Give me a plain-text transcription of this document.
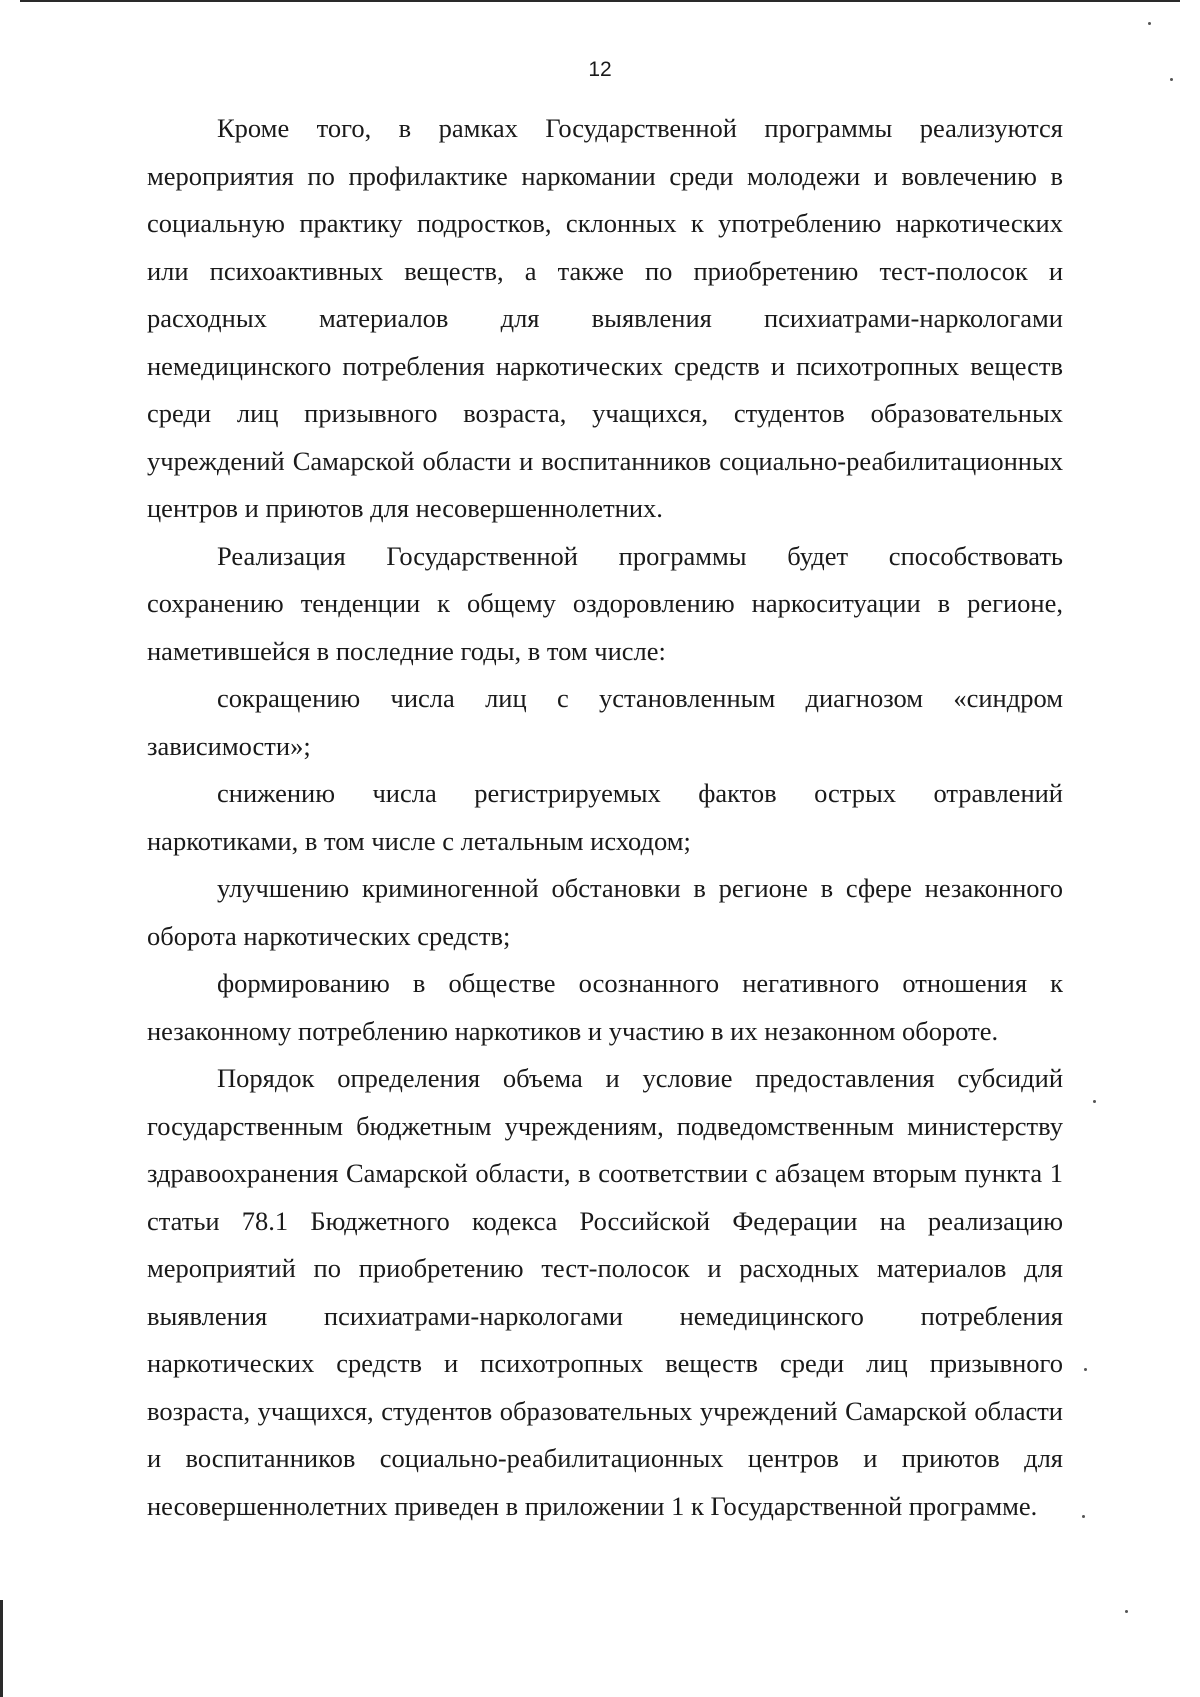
12

Кроме того, в рамках Государственной программы реализуются мероприятия по профилактике наркомании среди молодежи и вовлечению в социальную практику подростков, склонных к употреблению наркотических или психоактивных веществ, а также по приобретению тест-полосок и расходных материалов для выявления психиатрами-наркологами немедицинского потребления наркотических средств и психотропных веществ среди лиц призывного возраста, учащихся, студентов образовательных учреждений Самарской области и воспитанников социально-реабилитационных центров и приютов для несовершеннолетних.

Реализация Государственной программы будет способствовать сохранению тенденции к общему оздоровлению наркоситуации в регионе, наметившейся в последние годы, в том числе:

сокращению числа лиц с установленным диагнозом «синдром зависимости»;

снижению числа регистрируемых фактов острых отравлений наркотиками, в том числе с летальным исходом;

улучшению криминогенной обстановки в регионе в сфере незаконного оборота наркотических средств;

формированию в обществе осознанного негативного отношения к незаконному потреблению наркотиков и участию в их незаконном обороте.

Порядок определения объема и условие предоставления субсидий государственным бюджетным учреждениям, подведомственным министерству здравоохранения Самарской области, в соответствии с абзацем вторым пункта 1 статьи 78.1 Бюджетного кодекса Российской Федерации на реализацию мероприятий по приобретению тест-полосок и расходных материалов для выявления психиатрами-наркологами немедицинского потребления наркотических средств и психотропных веществ среди лиц призывного возраста, учащихся, студентов образовательных учреждений Самарской области и воспитанников социально-реабилитационных центров и приютов для несовершеннолетних приведен в приложении 1 к Государственной программе.
